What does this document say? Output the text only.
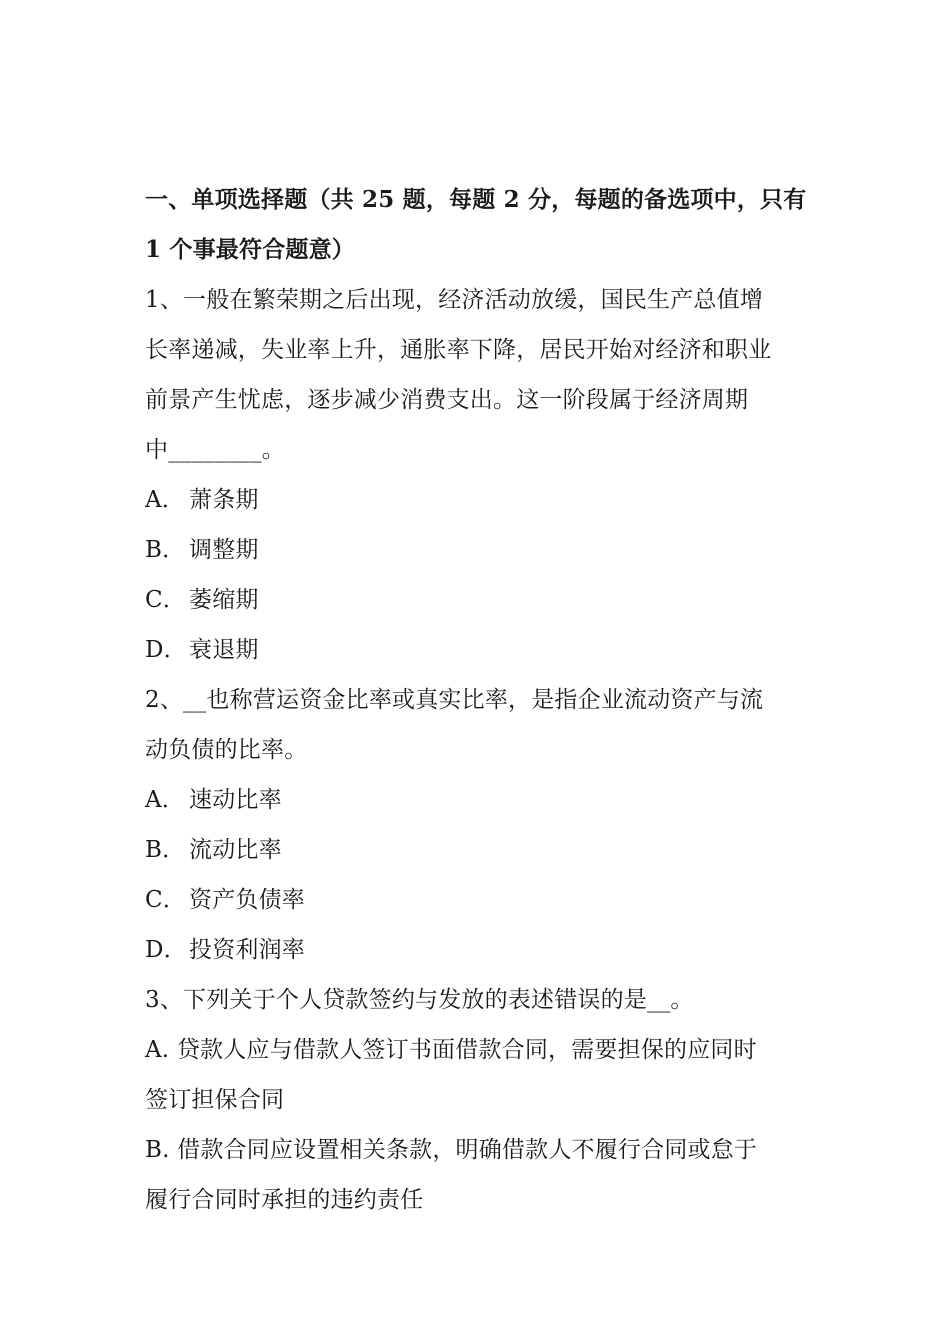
一、单项选择题（共 25 题，每题 2 分，每题的备选项中，只有
1 个事最符合题意）
1、一般在繁荣期之后出现，经济活动放缓，国民生产总值增
长率递减，失业率上升，通胀率下降，居民开始对经济和职业
前景产生忧虑，逐步减少消费支出。这一阶段属于经济周期
中________。
A． 萧条期
B． 调整期
C． 萎缩期
D．衰退期
2、__也称营运资金比率或真实比率，是指企业流动资产与流
动负债的比率。
A． 速动比率
B． 流动比率
C． 资产负债率
D．投资利润率
3、下列关于个人贷款签约与发放的表述错误的是__。
A. 贷款人应与借款人签订书面借款合同，需要担保的应同时
签订担保合同
B. 借款合同应设置相关条款，明确借款人不履行合同或怠于
履行合同时承担的违约责任
